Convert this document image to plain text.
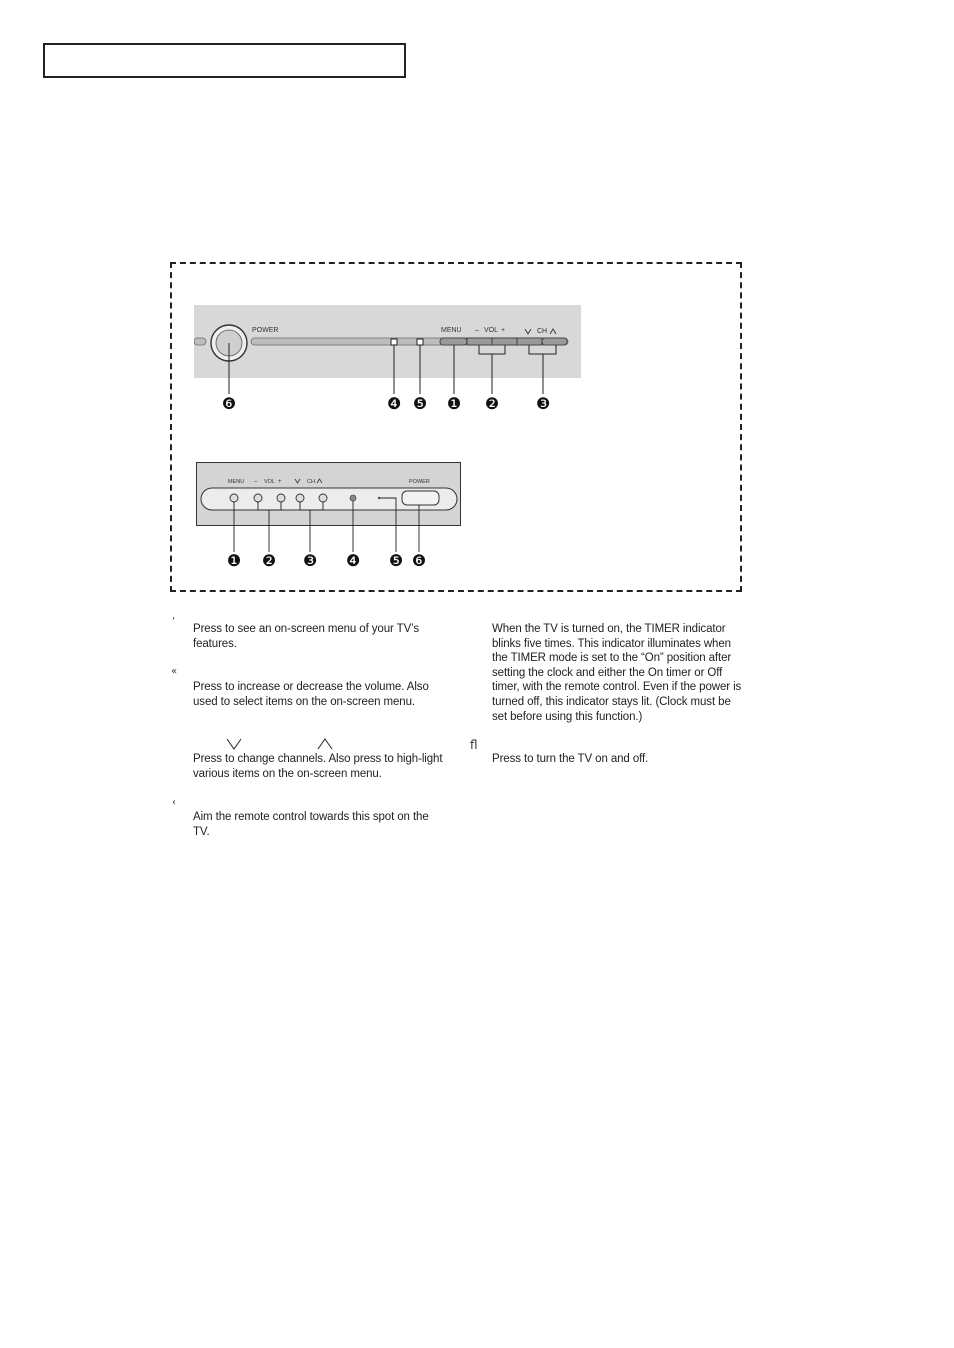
POWER	MENU – VOL +	CH
❻	❹ ❺ ❶ ❷ ❸
MENU – VOL +	CH	POWER
❶ ❷ ❸ ❹ ❺ ❻
‘

Press to see an on-screen menu of your TV’s features.

«

Press to increase or decrease the volume. Also used to select items on the on-screen menu.

Press to change channels. Also press to high-light various items on the on-screen menu.

‹

Aim the remote control towards this spot on the TV.

When the TV is turned on, the TIMER indicator blinks five times. This indicator illuminates when the TIMER mode is set to the “On” position after setting the clock and either the On timer or Off timer, with the remote control. Even if the power is turned off, this indicator stays lit. (Clock must be set before using this function.)

ﬂ

Press to turn the TV on and off.
